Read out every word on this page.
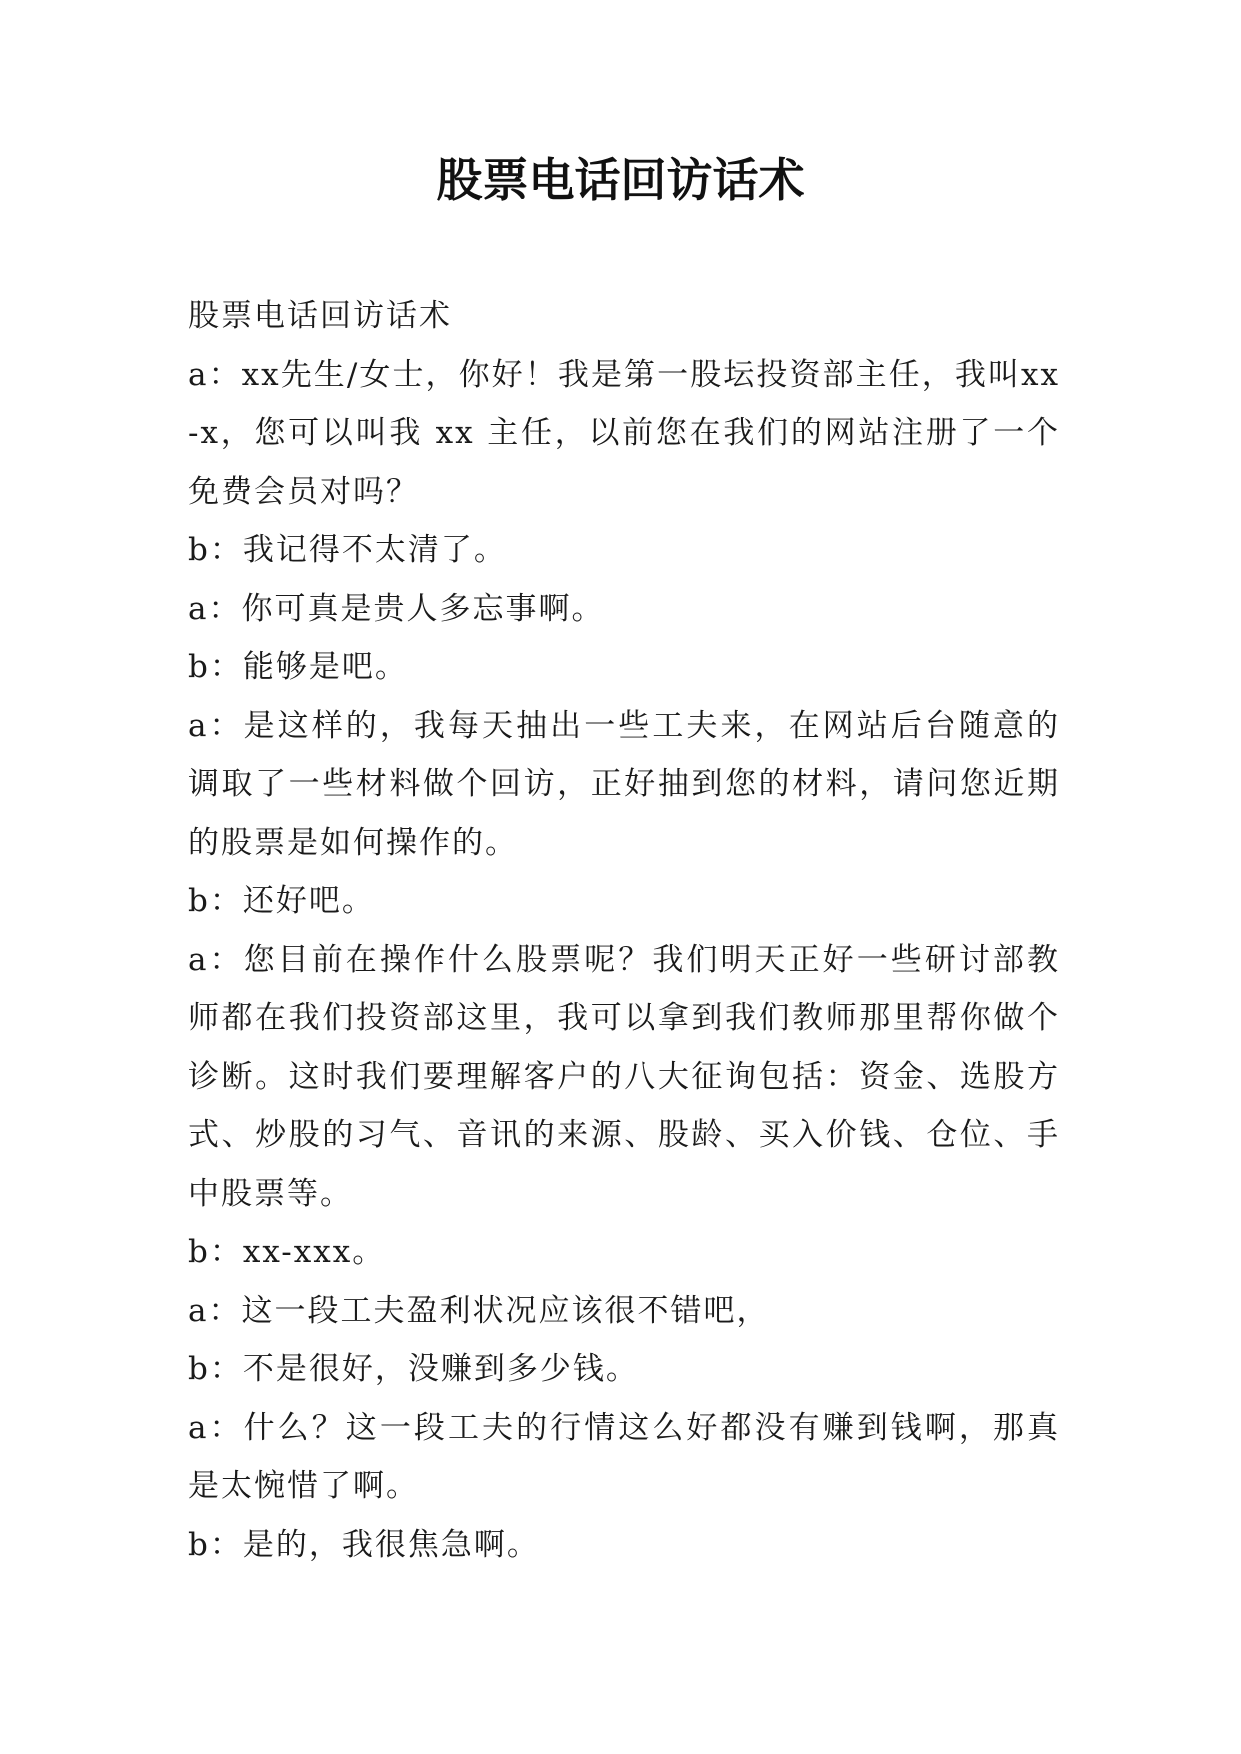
股票电话回访话术

股票电话回访话术

a：xx先生/女士，你好！我是第一股坛投资部主任，我叫xx-x，您可以叫我 xx 主任，以前您在我们的网站注册了一个免费会员对吗？

b：我记得不太清了。

a：你可真是贵人多忘事啊。

b：能够是吧。

a：是这样的，我每天抽出一些工夫来，在网站后台随意的调取了一些材料做个回访，正好抽到您的材料，请问您近期的股票是如何操作的。

b：还好吧。

a：您目前在操作什么股票呢？我们明天正好一些研讨部教师都在我们投资部这里，我可以拿到我们教师那里帮你做个诊断。这时我们要理解客户的八大征询包括：资金、选股方式、炒股的习气、音讯的来源、股龄、买入价钱、仓位、手中股票等。

b：xx-xxx。

a：这一段工夫盈利状况应该很不错吧，

b：不是很好，没赚到多少钱。

a：什么？这一段工夫的行情这么好都没有赚到钱啊，那真是太惋惜了啊。

b：是的，我很焦急啊。
